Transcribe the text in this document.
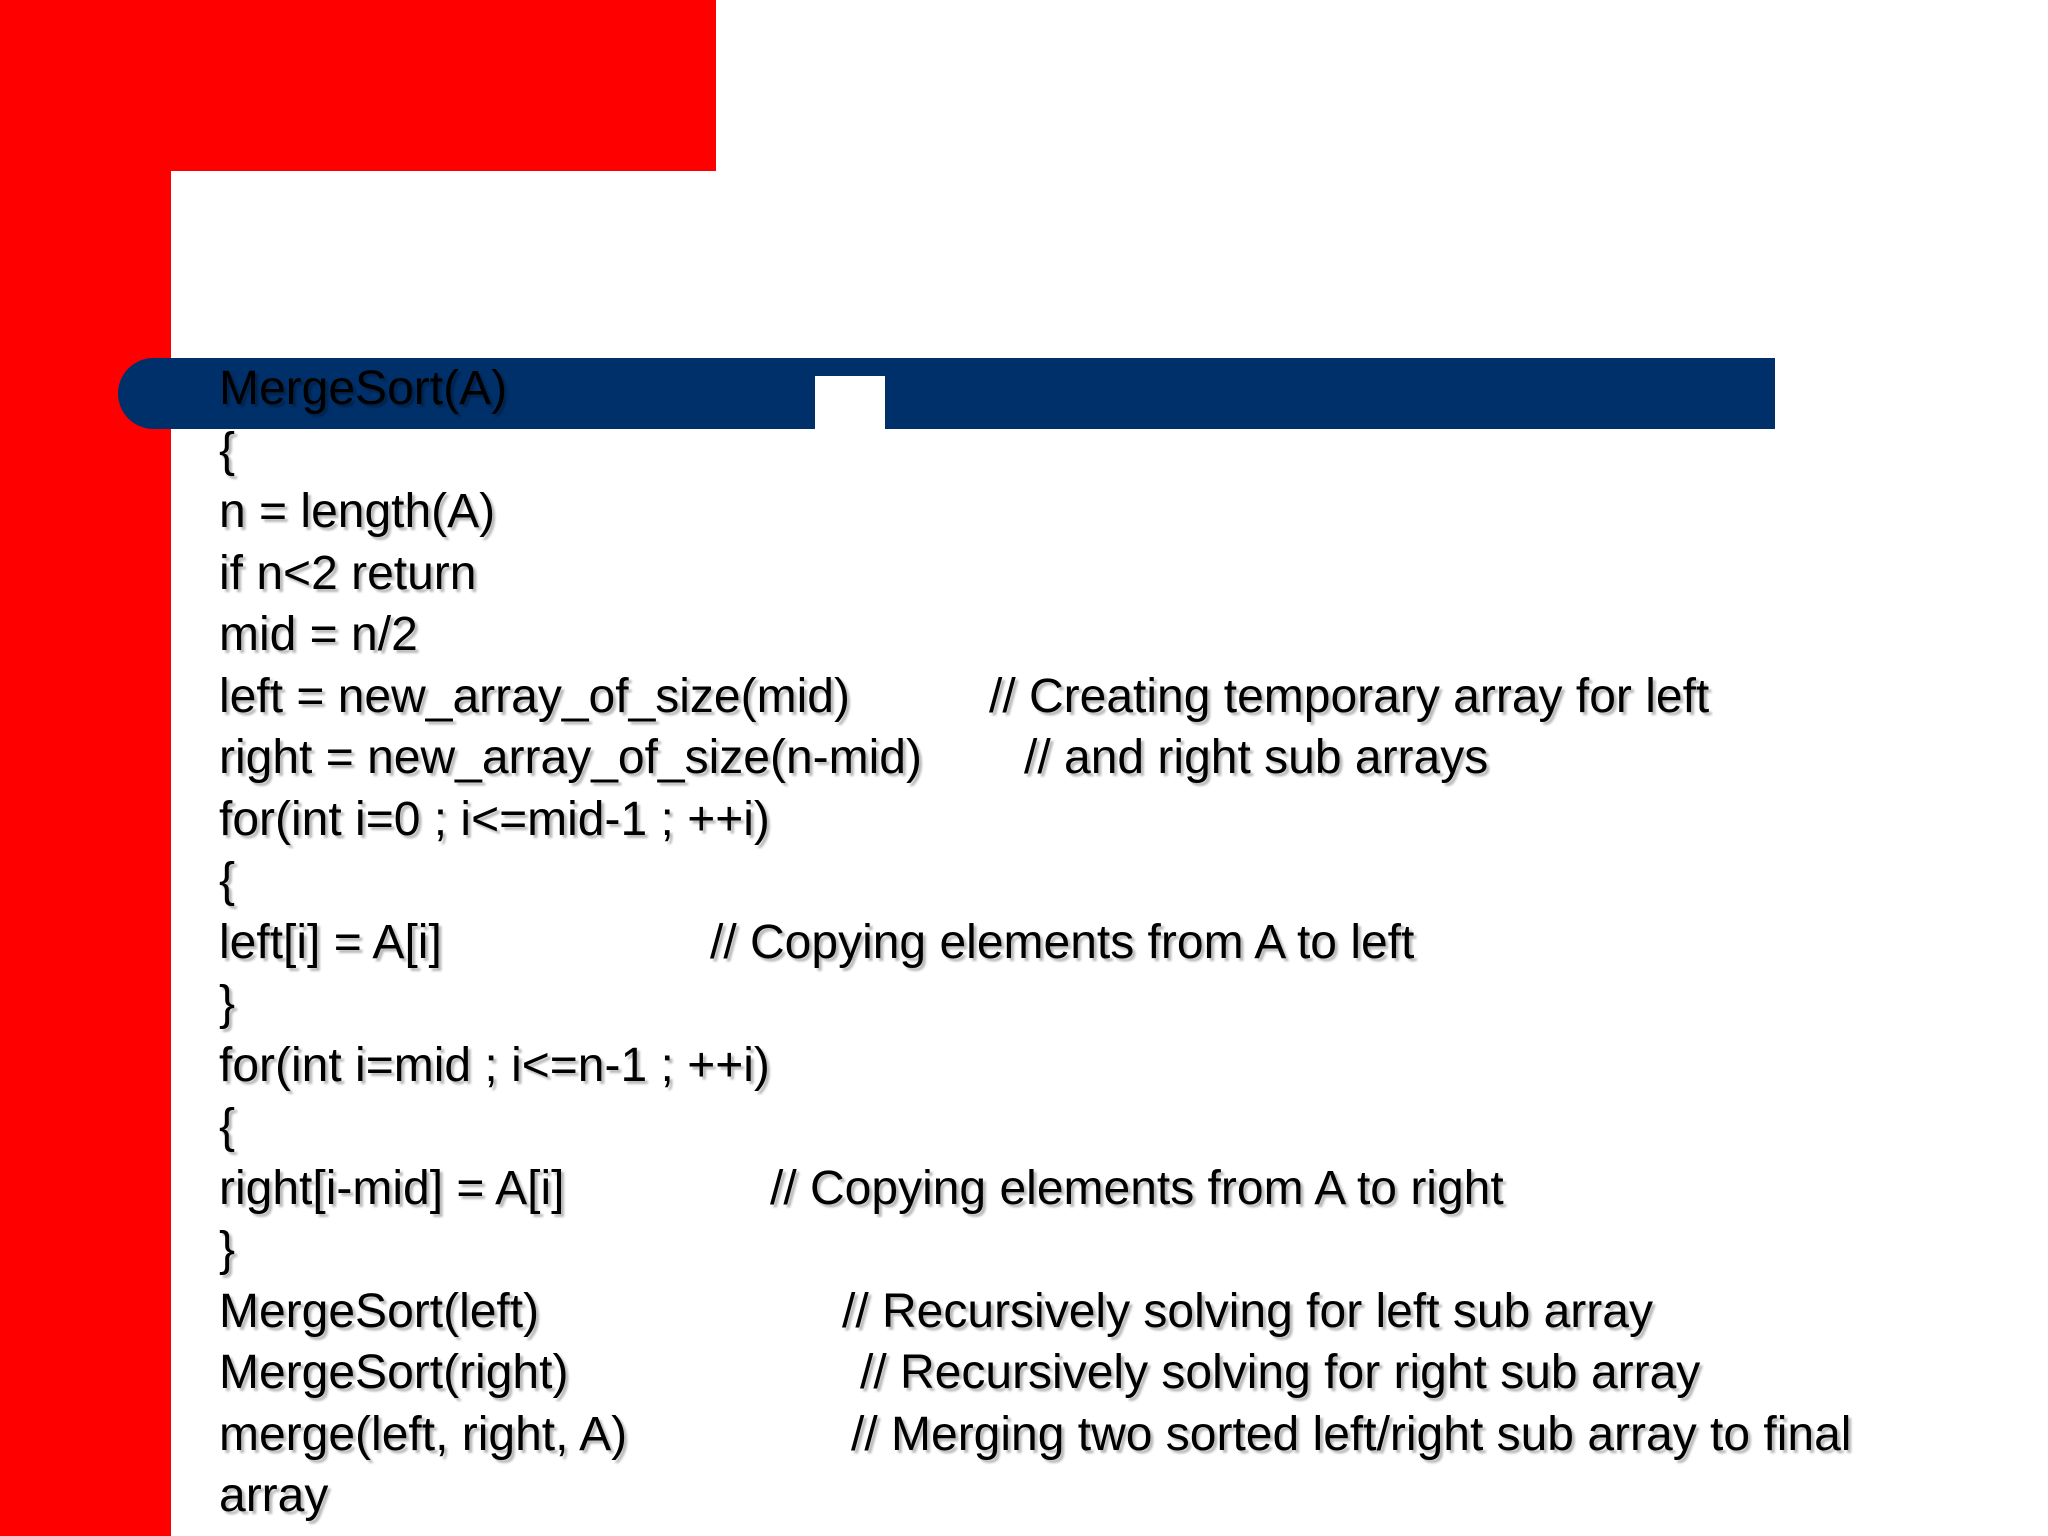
MergeSort(A)
{
n = length(A)
if n<2 return
mid = n/2
left = new_array_of_size(mid)	// Creating temporary array for left
right = new_array_of_size(n-mid) // and right sub arrays
for(int i=0 ; i<=mid-1 ; ++i)
{
left[i] = A[i]	// Copying elements from A to left
}
for(int i=mid ; i<=n-1 ; ++i)
{
right[i-mid] = A[i]	// Copying elements from A to right
}
MergeSort(left)	// Recursively solving for left sub array
MergeSort(right)	// Recursively solving for right sub array
merge(left, right, A)	// Merging two sorted left/right sub array to final
array
